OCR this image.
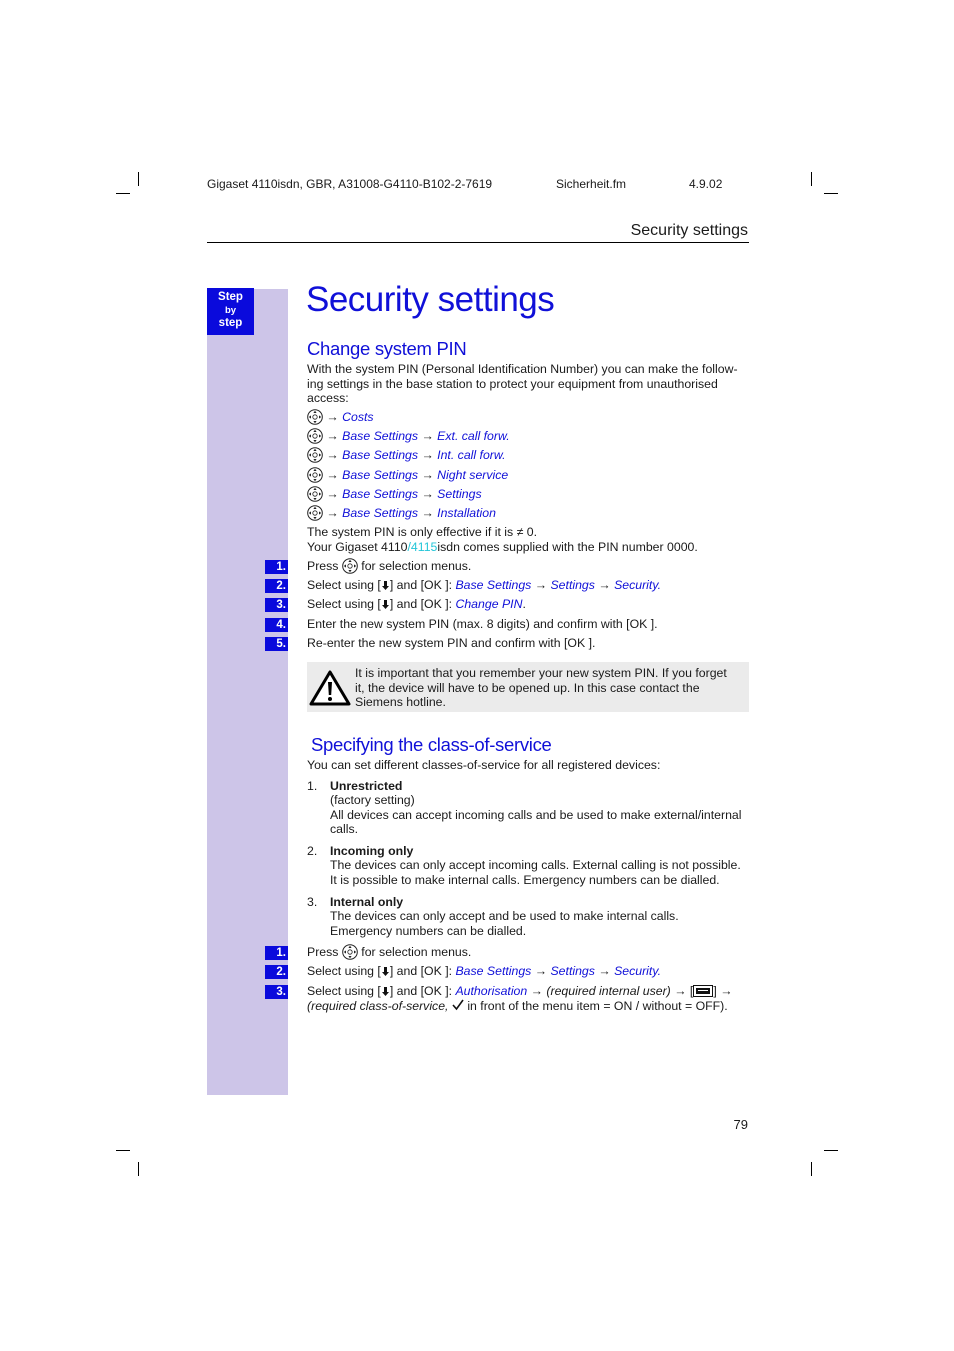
Gigaset 4110isdn, GBR, A31008-G4110-B102-2-7619	Sicherheit.fm	4.9.02
Security settings
Step
by
step
Security settings
Change system PIN
With the system PIN (Personal Identification Number) you can make the follow-
ing settings in the base station to protect your equipment from unauthorised
access:
→ Costs
→ Base Settings → Ext. call forw.
→ Base Settings → Int. call forw.
→ Base Settings → Night service
→ Base Settings → Settings
→ Base Settings → Installation
The system PIN is only effective if it is ≠ 0.
Your Gigaset 4110/4115isdn comes supplied with the PIN number 0000.
1. Press for selection menus.
2. Select using [ ] and [OK ]: Base Settings → Settings → Security.
3. Select using [ ] and [OK ]: Change PIN.
4. Enter the new system PIN (max. 8 digits) and confirm with [OK ].
5. Re-enter the new system PIN and confirm with [OK ].
It is important that you remember your new system PIN. If you forget
it, the device will have to be opened up. In this case contact the
Siemens hotline.
Specifying the class-of-service
You can set different classes-of-service for all registered devices:
1. Unrestricted
(factory setting)
All devices can accept incoming calls and be used to make external/internal
calls.
2. Incoming only
The devices can only accept incoming calls. External calling is not possible.
It is possible to make internal calls. Emergency numbers can be dialled.
3. Internal only
The devices can only accept and be used to make internal calls.
Emergency numbers can be dialled.
1. Press for selection menus.
2. Select using [ ] and [OK ]: Base Settings → Settings → Security.
3. Select using [ ] and [OK ]: Authorisation → (required internal user) → [ ] →
(required class-of-service, in front of the menu item = ON / without = OFF).
79
